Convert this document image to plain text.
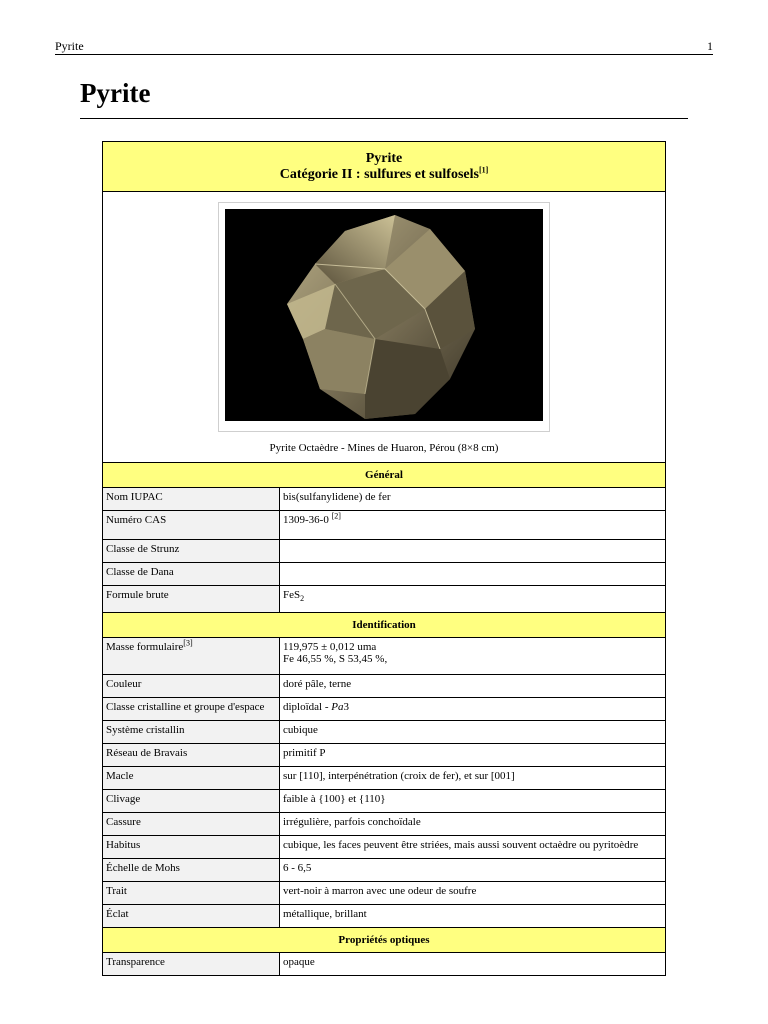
Pyrite	1
Pyrite
Pyrite
Catégorie II : sulfures et sulfosels[1]

Pyrite Octaèdre - Mines de Huaron, Pérou (8×8 cm)	

Général	
Nom IUPAC	bis(sulfanylidene) de fer
Numéro CAS	1309-36-0 [2]
Classe de Strunz	
Classe de Dana	
Formule brute	FeS$_2$
Identification	
Masse formulaire[3]	119,975 ± 0,012 uma
Fe 46,55 %, S 53,45 %,

Couleur	doré pâle, terne
Classe cristalline et groupe d'espace	diploïdal - Pa3
Système cristallin	cubique
Réseau de Bravais	primitif P
Macle	sur [110], interpénétration (croix de fer), et sur [001]
Clivage	faible à {100} et {110}
Cassure	irrégulière, parfois conchoïdale
Habitus	cubique, les faces peuvent être striées, mais aussi souvent octaèdre ou pyritoèdre
Échelle de Mohs	6 - 6,5
Trait	vert-noir à marron avec une odeur de soufre
Éclat	métallique, brillant
Propriétés optiques	
Transparence	opaque
